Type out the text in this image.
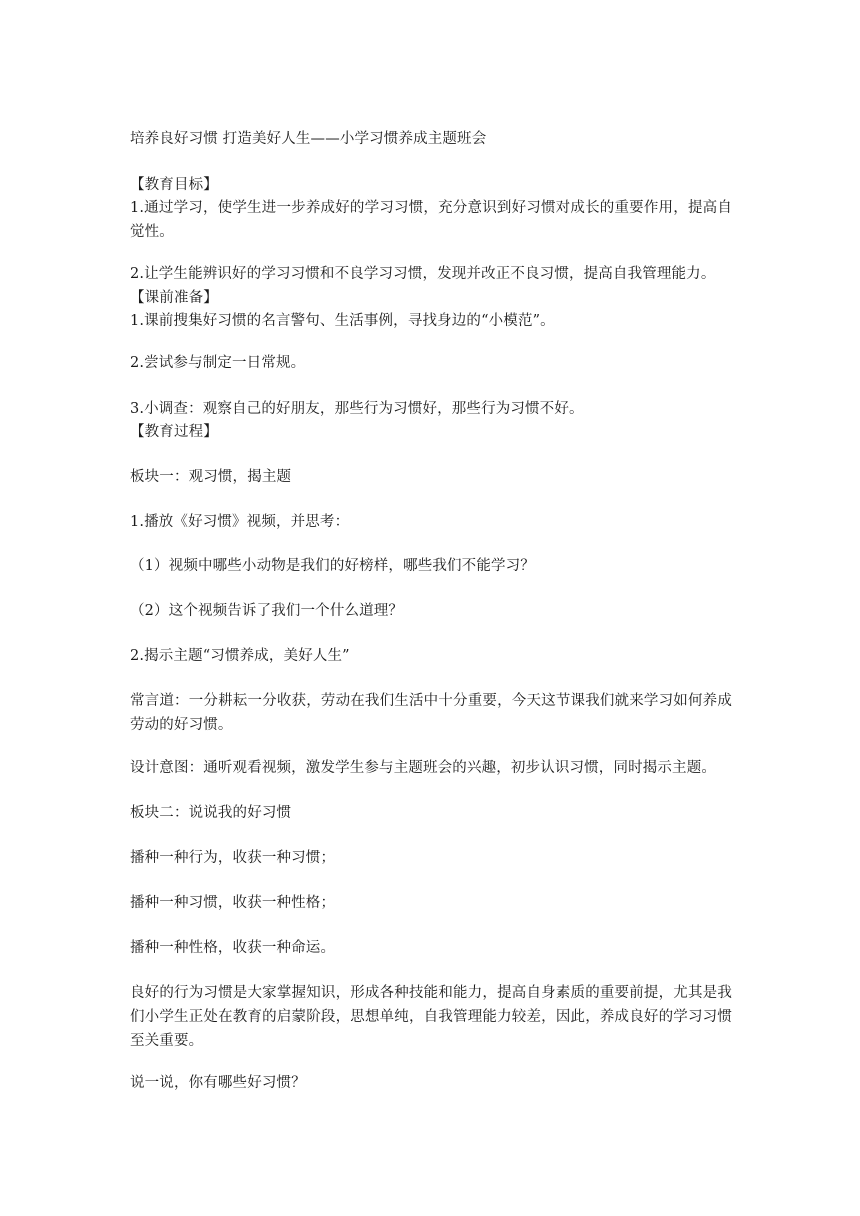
培养良好习惯 打造美好人生——小学习惯养成主题班会
【教育目标】
1.通过学习，使学生进一步养成好的学习习惯，充分意识到好习惯对成长的重要作用，提高自觉性。
2.让学生能辨识好的学习习惯和不良学习习惯，发现并改正不良习惯，提高自我管理能力。
【课前准备】
1.课前搜集好习惯的名言警句、生活事例，寻找身边的“小模范”。
2.尝试参与制定一日常规。
3.小调查：观察自己的好朋友，那些行为习惯好，那些行为习惯不好。
【教育过程】
板块一：观习惯，揭主题
1.播放《好习惯》视频，并思考：
（1）视频中哪些小动物是我们的好榜样，哪些我们不能学习？
（2）这个视频告诉了我们一个什么道理？
2.揭示主题“习惯养成，美好人生”
常言道：一分耕耘一分收获，劳动在我们生活中十分重要，今天这节课我们就来学习如何养成劳动的好习惯。
设计意图：通听观看视频，激发学生参与主题班会的兴趣，初步认识习惯，同时揭示主题。
板块二：说说我的好习惯
播种一种行为，收获一种习惯；
播种一种习惯，收获一种性格；
播种一种性格，收获一种命运。
良好的行为习惯是大家掌握知识，形成各种技能和能力，提高自身素质的重要前提，尤其是我们小学生正处在教育的启蒙阶段，思想单纯，自我管理能力较差，因此，养成良好的学习习惯至关重要。
说一说，你有哪些好习惯？
